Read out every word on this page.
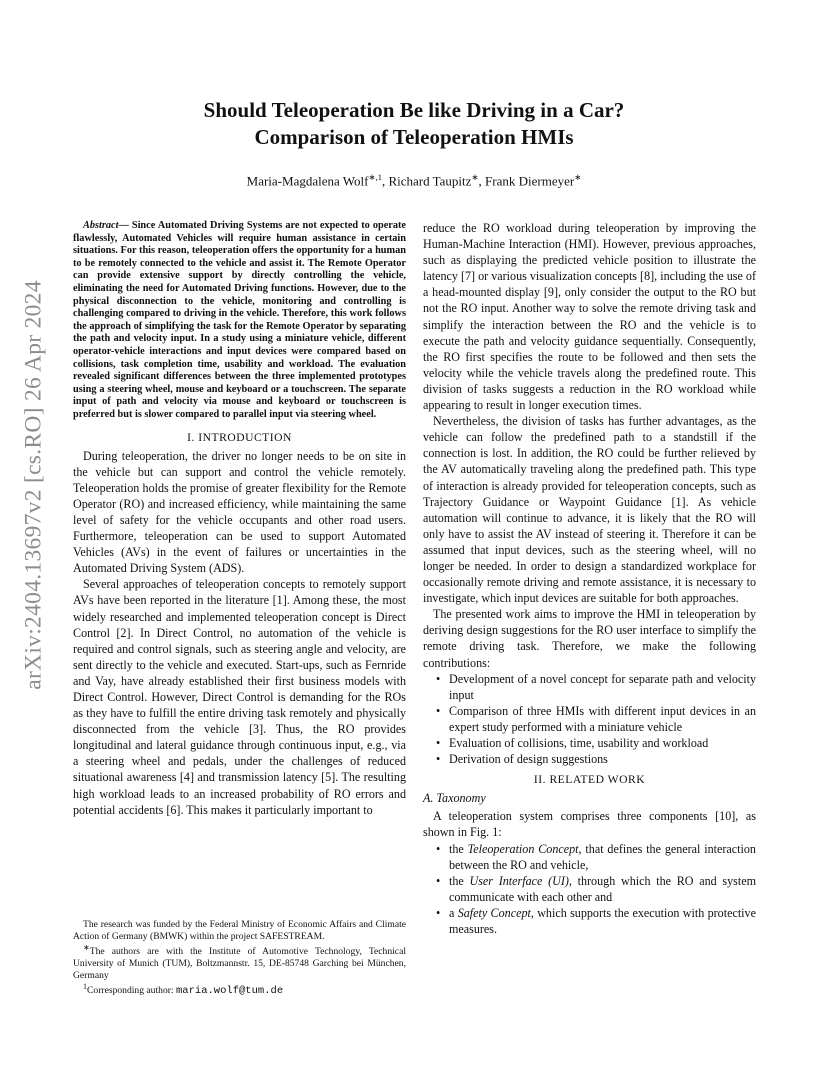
arXiv:2404.13697v2 [cs.RO] 26 Apr 2024
Should Teleoperation Be like Driving in a Car?
Comparison of Teleoperation HMIs
Maria-Magdalena Wolf$^{∗,1}$, Richard Taupitz∗, Frank Diermeyer∗

Abstract— Since Automated Driving Systems are not expected to operate flawlessly, Automated Vehicles will require human assistance in certain situations. For this reason, teleoperation offers the opportunity for a human to be remotely connected to the vehicle and assist it. The Remote Operator can provide extensive support by directly controlling the vehicle, eliminating the need for Automated Driving functions. However, due to the physical disconnection to the vehicle, monitoring and controlling is challenging compared to driving in the vehicle. Therefore, this work follows the approach of simplifying the task for the Remote Operator by separating the path and velocity input. In a study using a miniature vehicle, different operator-vehicle interactions and input devices were compared based on collisions, task completion time, usability and workload. The evaluation revealed significant differences between the three implemented prototypes using a steering wheel, mouse and keyboard or a touchscreen. The separate input of path and velocity via mouse and keyboard or touchscreen is preferred but is slower compared to parallel input via steering wheel.

I. INTRODUCTION

During teleoperation, the driver no longer needs to be on site in the vehicle but can support and control the vehicle remotely. Teleoperation holds the promise of greater flexibility for the Remote Operator (RO) and increased efficiency, while maintaining the same level of safety for the vehicle occupants and other road users. Furthermore, teleoperation can be used to support Automated Vehicles (AVs) in the event of failures or uncertainties in the Automated Driving System (ADS).

Several approaches of teleoperation concepts to remotely support AVs have been reported in the literature [1]. Among these, the most widely researched and implemented teleoperation concept is Direct Control [2]. In Direct Control, no automation of the vehicle is required and control signals, such as steering angle and velocity, are sent directly to the vehicle and executed. Start-ups, such as Fernride and Vay, have already established their first business models with Direct Control. However, Direct Control is demanding for the ROs as they have to fulfill the entire driving task remotely and physically disconnected from the vehicle [3]. Thus, the RO provides longitudinal and lateral guidance through continuous input, e.g., via a steering wheel and pedals, under the challenges of reduced situational awareness [4] and transmission latency [5]. The resulting high workload leads to an increased probability of RO errors and potential accidents [6]. This makes it particularly important to

reduce the RO workload during teleoperation by improving the Human-Machine Interaction (HMI). However, previous approaches, such as displaying the predicted vehicle position to illustrate the latency [7] or various visualization concepts [8], including the use of a head-mounted display [9], only consider the output to the RO but not the RO input. Another way to solve the remote driving task and simplify the interaction between the RO and the vehicle is to execute the path and velocity guidance sequentially. Consequently, the RO first specifies the route to be followed and then sets the velocity while the vehicle travels along the predefined route. This division of tasks suggests a reduction in the RO workload while appearing to result in longer execution times.

Nevertheless, the division of tasks has further advantages, as the vehicle can follow the predefined path to a standstill if the connection is lost. In addition, the RO could be further relieved by the AV automatically traveling along the predefined path. This type of interaction is already provided for teleoperation concepts, such as Trajectory Guidance or Waypoint Guidance [1]. As vehicle automation will continue to advance, it is likely that the RO will only have to assist the AV instead of steering it. Therefore it can be assumed that input devices, such as the steering wheel, will no longer be needed. In order to design a standardized workplace for occasionally remote driving and remote assistance, it is necessary to investigate, which input devices are suitable for both approaches.

The presented work aims to improve the HMI in teleoperation by deriving design suggestions for the RO user interface to simplify the remote driving task. Therefore, we make the following contributions:

• Development of a novel concept for separate path and velocity input
• Comparison of three HMIs with different input devices in an expert study performed with a miniature vehicle
• Evaluation of collisions, time, usability and workload
• Derivation of design suggestions
II. RELATED WORK
A. Taxonomy

A teleoperation system comprises three components [10], as shown in Fig. 1:

• the Teleoperation Concept, that defines the general interaction between the RO and vehicle,
• the User Interface (UI), through which the RO and system communicate with each other and
• a Safety Concept, which supports the execution with protective measures.

The research was funded by the Federal Ministry of Economic Affairs and Climate Action of Germany (BMWK) within the project SAFESTREAM.

∗The authors are with the Institute of Automotive Technology, Technical University of Munich (TUM), Boltzmannstr. 15, DE-85748 Garching bei München, Germany

$^1$Corresponding author: maria.wolf@tum.de
